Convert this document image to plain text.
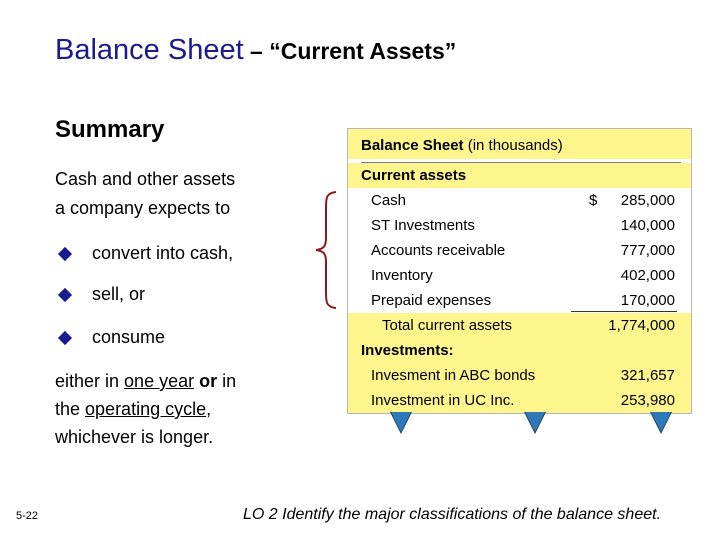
Balance Sheet – “Current Assets”
Summary
Cash and other assets
a company expects to
convert into cash,
sell, or
consume
either in one year or in
the operating cycle,
whichever is longer.
Balance Sheet (in thousands)
Current assets
Cash	$ 285,000
ST Investments	140,000
Accounts receivable	777,000
Inventory	402,000
Prepaid expenses	170,000
Total current assets	1,774,000
Investments:
Invesment in ABC bonds	321,657
Investment in UC Inc.	253,980
5-22	LO 2 Identify the major classifications of the balance sheet.
